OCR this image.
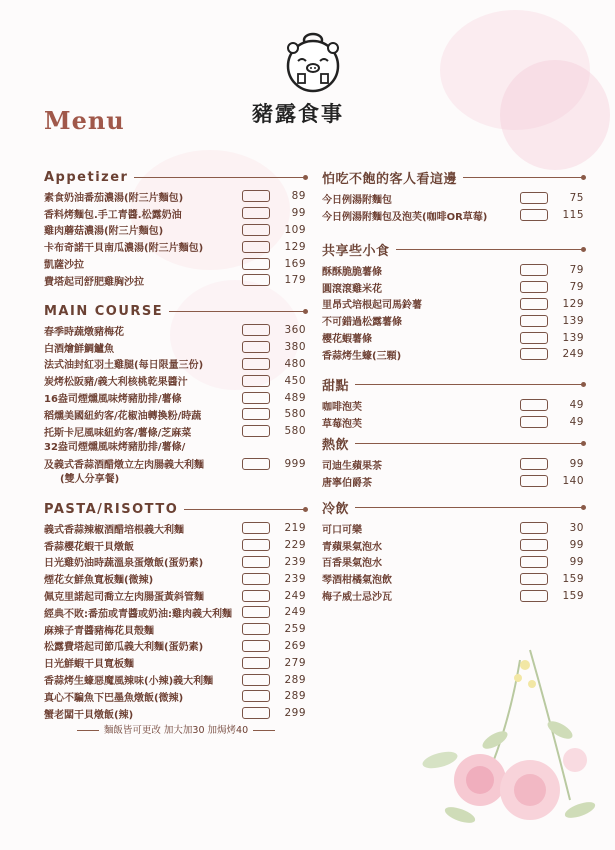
豬露食事
Menu
Appetizer
素食奶油番茄濃湯(附三片麵包)	89
香料烤麵包.手工青醬.松露奶油	99
雞肉蘑菇濃湯(附三片麵包)	109
卡布奇諾干貝南瓜濃湯(附三片麵包)	129
凱薩沙拉	169
費塔起司舒肥雞胸沙拉	179
MAIN COURSE
春季時蔬燉豬梅花	360
白酒燴鮮鯛鱸魚	380
法式油封紅羽土雞腿(每日限量三份)	480
炭烤松阪豬/義大利核桃乾果醬汁	450
16盎司煙燻風味烤豬肋排/薯條	489
稻燻美國紐約客/花椒油轉換粉/時蔬	580
托斯卡尼風味紐約客/薯條/芝麻菜	580
32盎司煙燻風味烤豬肋排/薯條/
及義式香蒜酒醋燉立左肉腸義大利麵	999
(雙人分享餐)
PASTA/RISOTTO
義式香蒜辣椒酒醋培根義大利麵	219
香蒜櫻花蝦干貝燉飯	229
日光雞奶油時蔬溫泉蛋燉飯(蛋奶素)	239
煙花女鮮魚寬板麵(微辣)	239
佩克里諾起司喬立左肉腸蛋黃斜管麵	249
經典不敗:番茄或青醬或奶油:雞肉義大利麵	249
麻辣子青醬豬梅花貝殼麵	259
松露費塔起司節瓜義大利麵(蛋奶素)	269
日光鮮蝦干貝寬板麵	279
香蒜烤生蠔惡魔風辣味(小辣)義大利麵	289
真心不騙魚下巴墨魚燉飯(微辣)	289
蟹老闆干貝燉飯(辣)	299
麵飯皆可更改 加大加30 加焗烤40
怕吃不飽的客人看這邊
今日例湯附麵包	75
今日例湯附麵包及泡芙(咖啡OR草莓)	115
共享些小食
酥酥脆脆薯條	79
圓滾滾雞米花	79
里昂式培根起司馬鈴薯	129
不可錯過松露薯條	139
櫻花蝦薯條	139
香蒜烤生蠔(三顆)	249
甜點
咖啡泡芙	49
草莓泡芙	49
熱飲
司迪生蘋果茶	99
唐寧伯爵茶	140
冷飲
可口可樂	30
青蘋果氣泡水	99
百香果氣泡水	99
琴酒柑橘氣泡飲	159
梅子威士忌沙瓦	159
